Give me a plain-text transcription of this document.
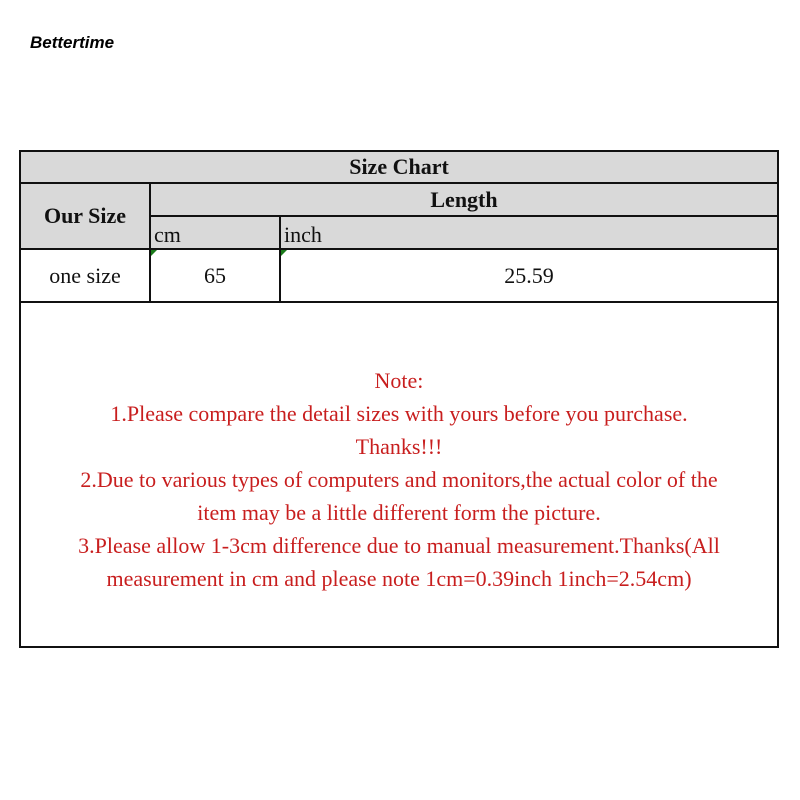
Bettertime
Size Chart		
Our Size	Length	
	cm	inch
one size	65	25.59
Note:
1.Please compare the detail sizes with yours before you purchase.
Thanks!!!
2.Due to various types of computers and monitors,the actual color of the
item may be a little different form the picture.
3.Please allow 1-3cm difference due to manual measurement.Thanks(All
measurement in cm and please note 1cm=0.39inch 1inch=2.54cm)
